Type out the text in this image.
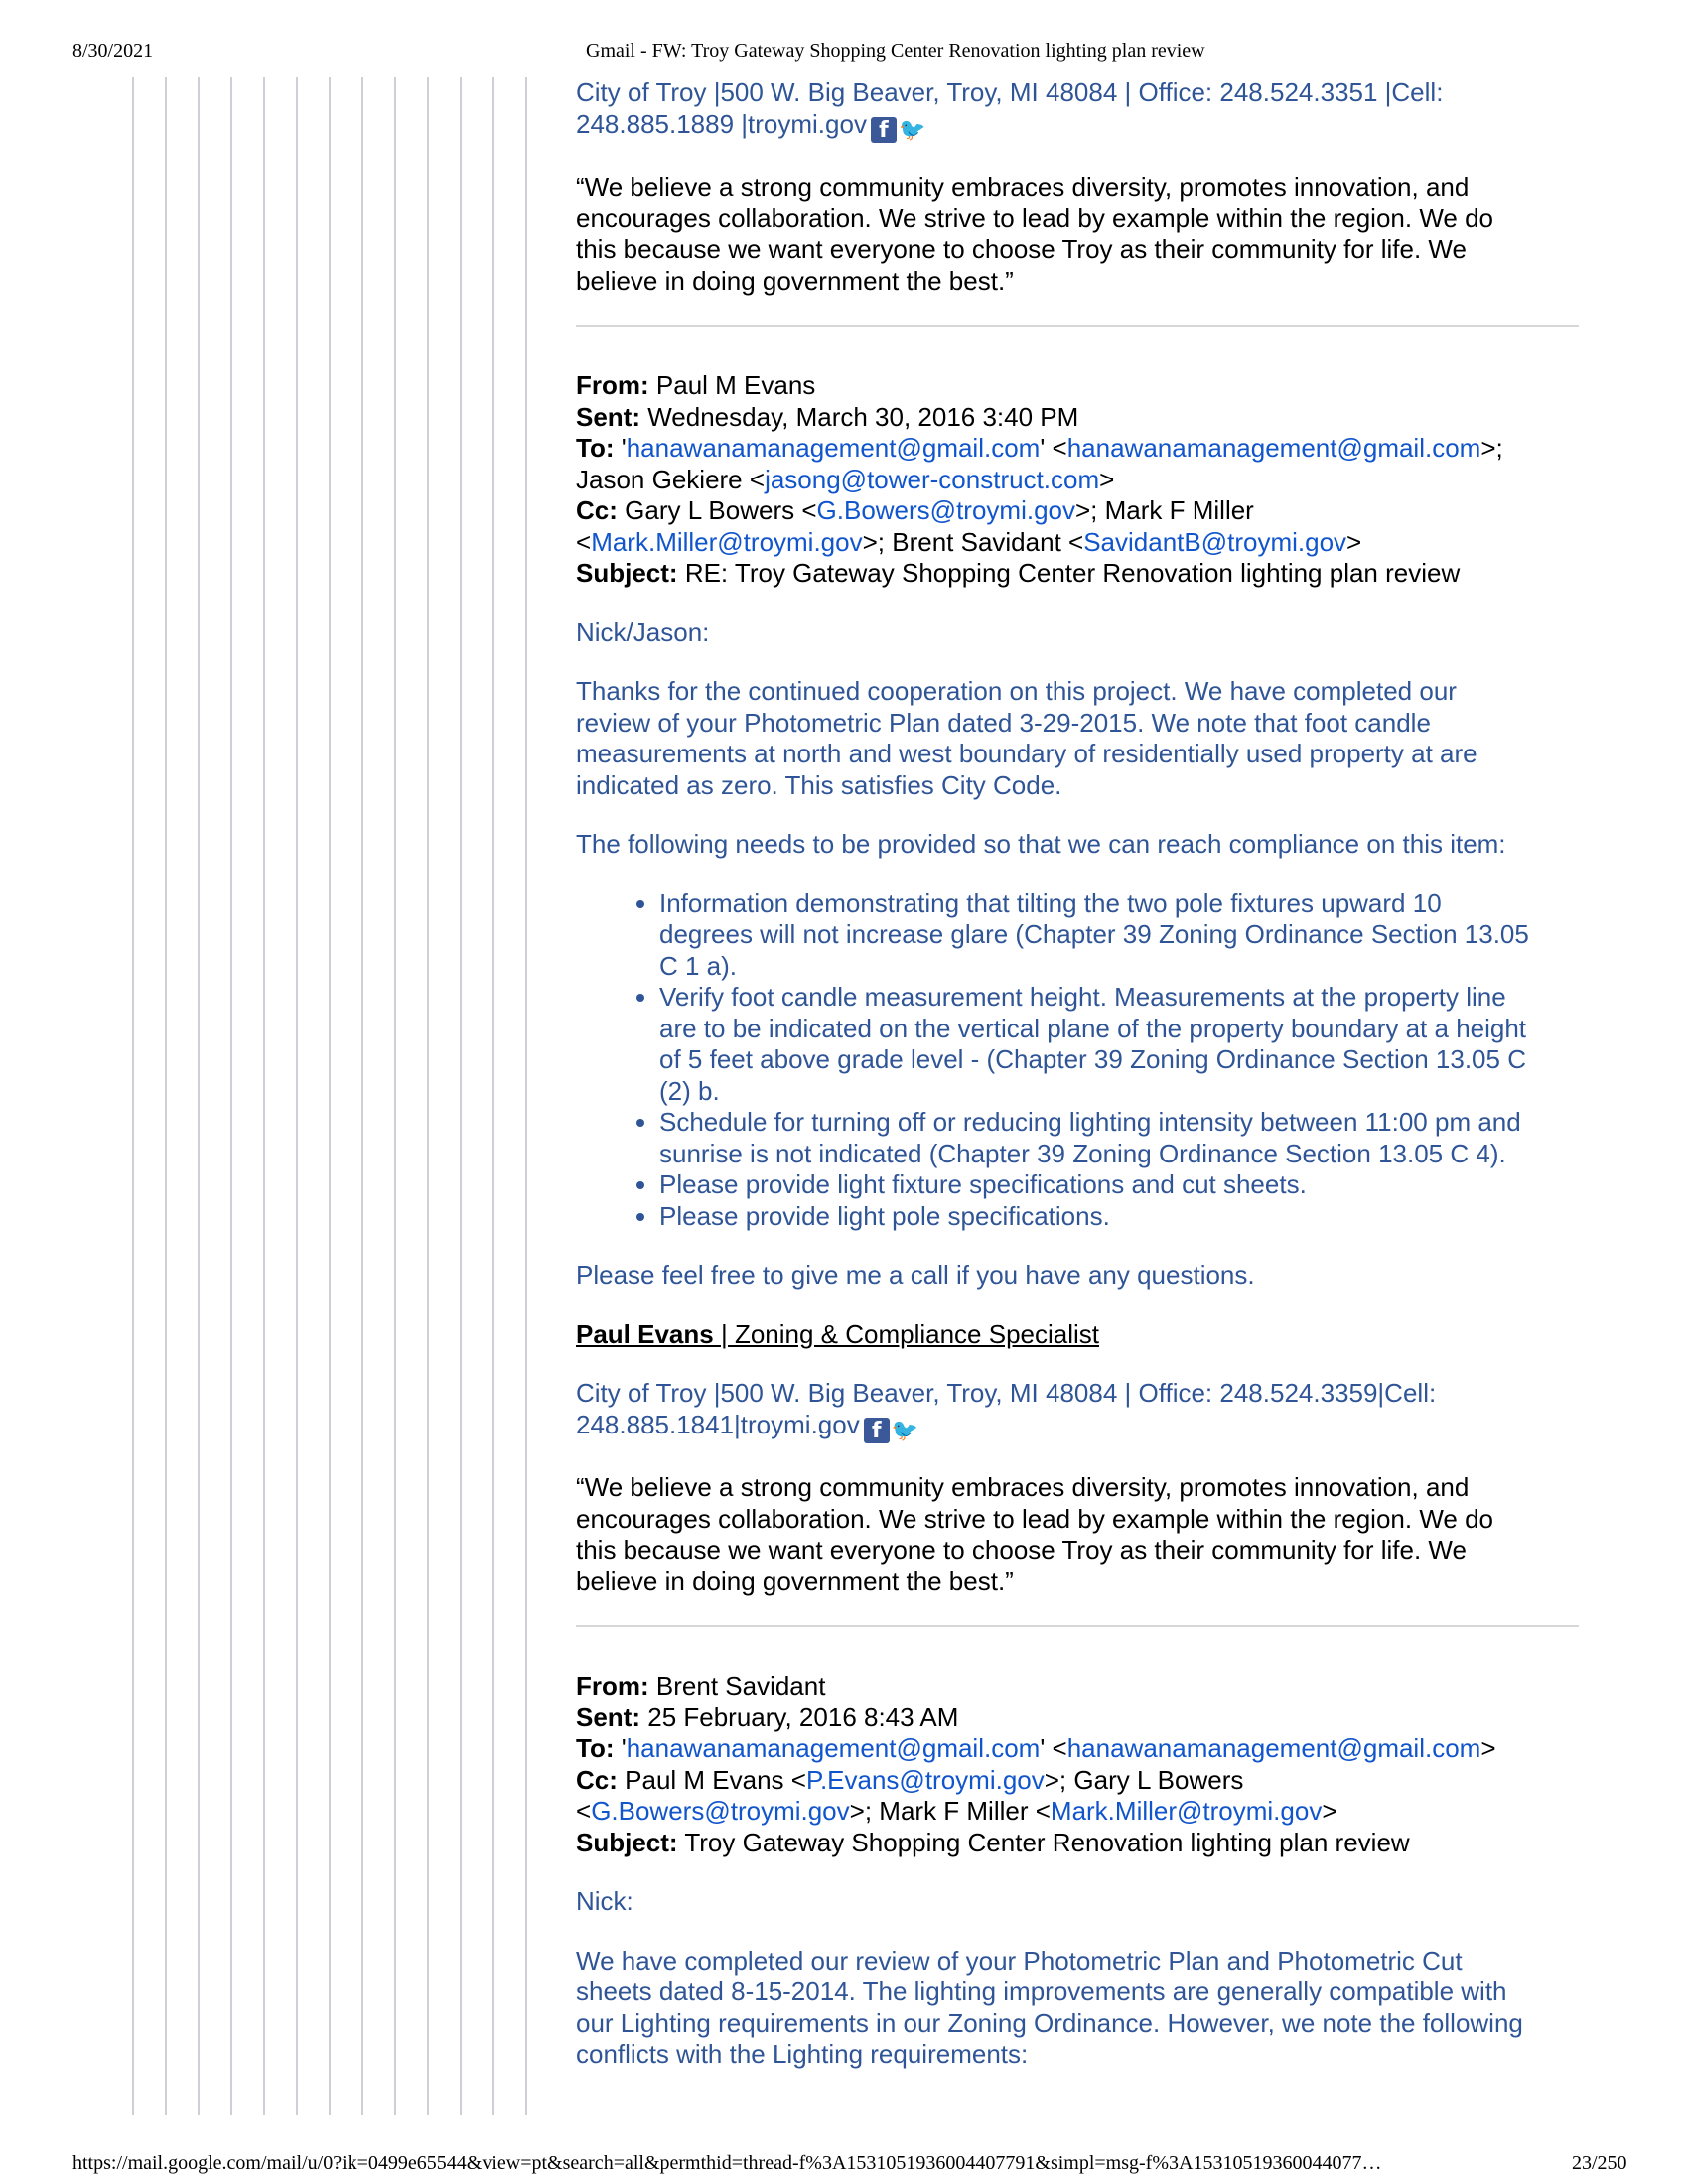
8/30/2021	Gmail - FW: Troy Gateway Shopping Center Renovation lighting plan review

City of Troy |500 W. Big Beaver, Troy, MI 48084 | Office: 248.524.3351 |Cell:

248.885.1889 |troymi.gov f 🐦

“We believe a strong community embraces diversity, promotes innovation, and

encourages collaboration. We strive to lead by example within the region. We do

this because we want everyone to choose Troy as their community for life. We

believe in doing government the best.”

From: Paul M Evans

Sent: Wednesday, March 30, 2016 3:40 PM

To: 'hanawanamanagement@gmail.com' <hanawanamanagement@gmail.com>;

Jason Gekiere <jasong@tower-construct.com>

Cc: Gary L Bowers <G.Bowers@troymi.gov>; Mark F Miller

<Mark.Miller@troymi.gov>; Brent Savidant <SavidantB@troymi.gov>

Subject: RE: Troy Gateway Shopping Center Renovation lighting plan review

Nick/Jason:

Thanks for the continued cooperation on this project. We have completed our

review of your Photometric Plan dated 3-29-2015. We note that foot candle

measurements at north and west boundary of residentially used property at are

indicated as zero. This satisfies City Code.

The following needs to be provided so that we can reach compliance on this item:

• Information demonstrating that tilting the two pole fixtures upward 10
degrees will not increase glare (Chapter 39 Zoning Ordinance Section 13.05
C 1 a).
• Verify foot candle measurement height. Measurements at the property line
are to be indicated on the vertical plane of the property boundary at a height
of 5 feet above grade level - (Chapter 39 Zoning Ordinance Section 13.05 C
(2) b.
• Schedule for turning off or reducing lighting intensity between 11:00 pm and
sunrise is not indicated (Chapter 39 Zoning Ordinance Section 13.05 C 4).
• Please provide light fixture specifications and cut sheets.
• Please provide light pole specifications.

Please feel free to give me a call if you have any questions.

Paul Evans | Zoning & Compliance Specialist

City of Troy |500 W. Big Beaver, Troy, MI 48084 | Office: 248.524.3359|Cell:

248.885.1841|troymi.gov f 🐦

“We believe a strong community embraces diversity, promotes innovation, and

encourages collaboration. We strive to lead by example within the region. We do

this because we want everyone to choose Troy as their community for life. We

believe in doing government the best.”

From: Brent Savidant

Sent: 25 February, 2016 8:43 AM

To: 'hanawanamanagement@gmail.com' <hanawanamanagement@gmail.com>

Cc: Paul M Evans <P.Evans@troymi.gov>; Gary L Bowers

<G.Bowers@troymi.gov>; Mark F Miller <Mark.Miller@troymi.gov>

Subject: Troy Gateway Shopping Center Renovation lighting plan review

Nick:

We have completed our review of your Photometric Plan and Photometric Cut

sheets dated 8-15-2014. The lighting improvements are generally compatible with

our Lighting requirements in our Zoning Ordinance. However, we note the following

conflicts with the Lighting requirements:

https://mail.google.com/mail/u/0?ik=0499e65544&view=pt&search=all&permthid=thread-f%3A1531051936004407791&simpl=msg-f%3A15310519360044077…	23/250
